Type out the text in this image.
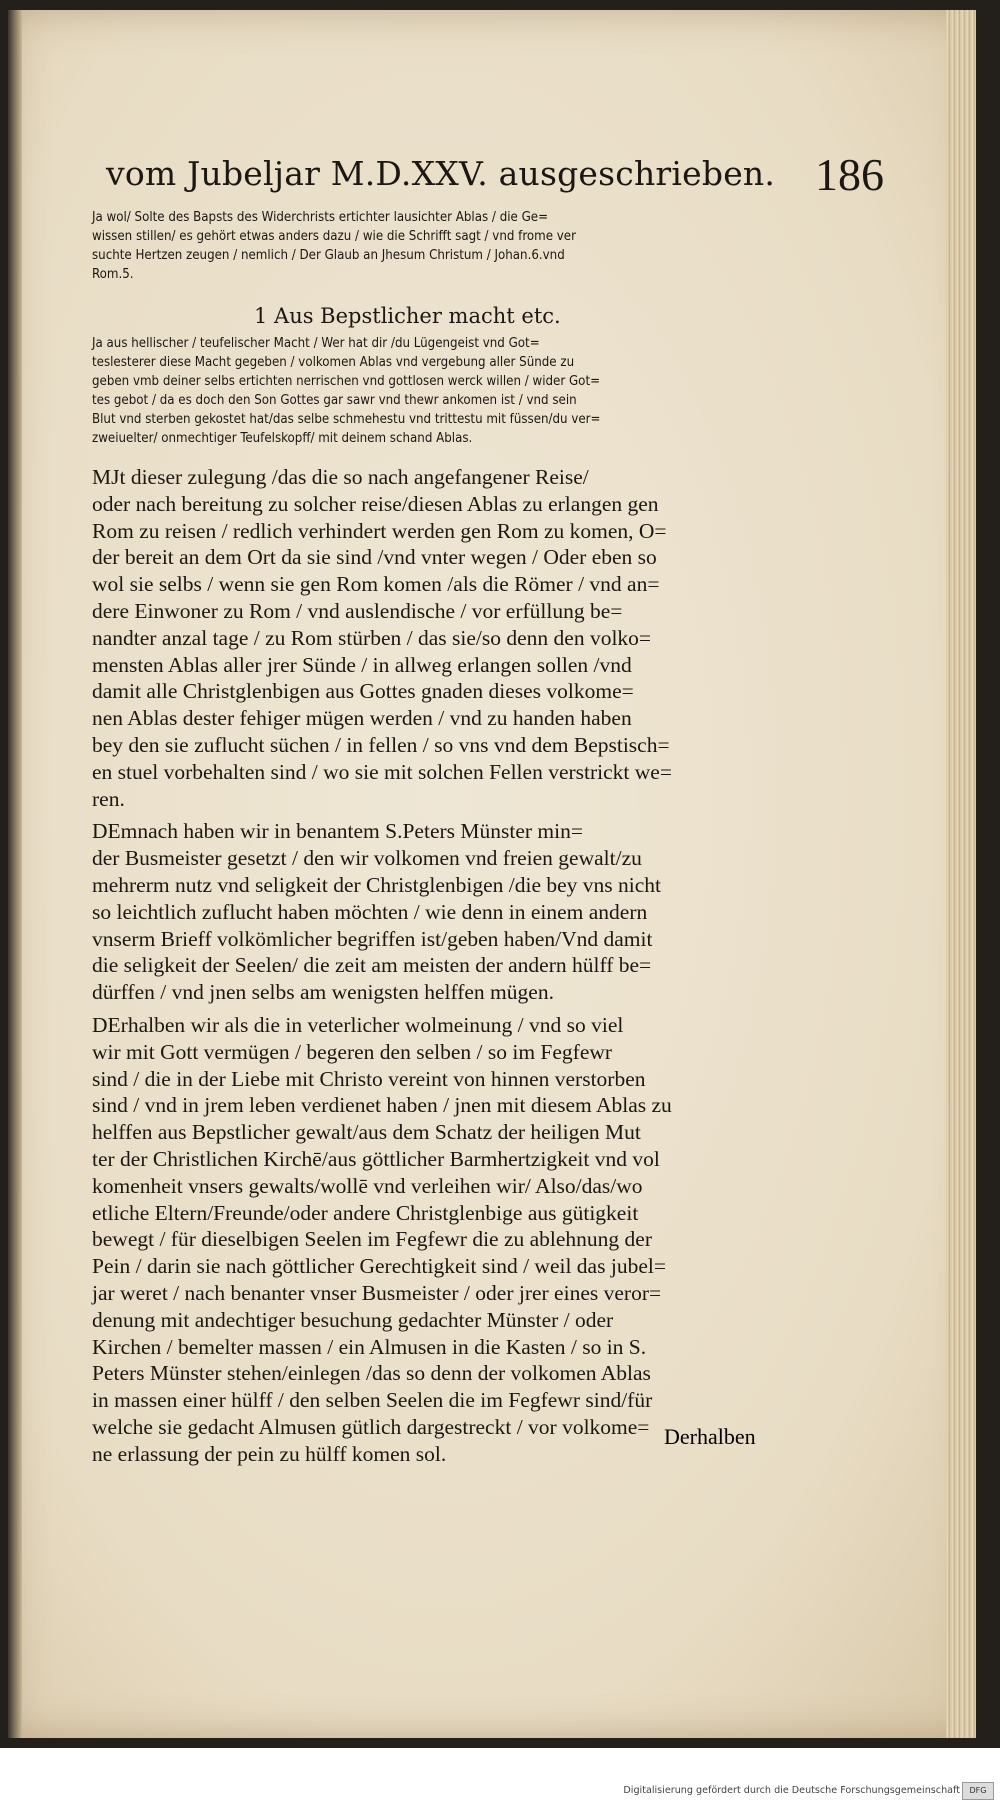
vom Jubeljar M.D.XXV. ausgeschrieben. 186
Ja wol/ Solte des Bapsts des Widerchrists ertichter lausichter Ablas / die Ge=
wissen stillen/ es gehört etwas anders dazu / wie die Schrifft sagt / vnd frome ver
suchte Hertzen zeugen / nemlich / Der Glaub an Jhesum Christum / Johan.6.vnd
Rom.5.
1 Aus Bepstlicher macht etc.
Ja aus hellischer / teufelischer Macht / Wer hat dir /du Lügengeist vnd Got=
teslesterer diese Macht gegeben / volkomen Ablas vnd vergebung aller Sünde zu
geben vmb deiner selbs ertichten nerrischen vnd gottlosen werck willen / wider Got=
tes gebot / da es doch den Son Gottes gar sawr vnd thewr ankomen ist / vnd sein
Blut vnd sterben gekostet hat/das selbe schmehestu vnd trittestu mit füssen/du ver=
zweiuelter/ onmechtiger Teufelskopff/ mit deinem schand Ablas.
MJt dieser zulegung /das die so nach angefangener Reise/
oder nach bereitung zu solcher reise/diesen Ablas zu erlangen gen
Rom zu reisen / redlich verhindert werden gen Rom zu komen, O=
der bereit an dem Ort da sie sind /vnd vnter wegen / Oder eben so
wol sie selbs / wenn sie gen Rom komen /als die Römer / vnd an=
dere Einwoner zu Rom / vnd auslendische / vor erfüllung be=
nandter anzal tage / zu Rom stürben / das sie/so denn den volko=
mensten Ablas aller jrer Sünde / in allweg erlangen sollen /vnd
damit alle Christglenbigen aus Gottes gnaden dieses volkome=
nen Ablas dester fehiger mügen werden / vnd zu handen haben
bey den sie zuflucht süchen / in fellen / so vns vnd dem Bepstisch=
en stuel vorbehalten sind / wo sie mit solchen Fellen verstrickt we=
ren.
DEmnach haben wir in benantem S.Peters Münster min=
der Busmeister gesetzt / den wir volkomen vnd freien gewalt/zu
mehrerm nutz vnd seligkeit der Christglenbigen /die bey vns nicht
so leichtlich zuflucht haben möchten / wie denn in einem andern
vnserm Brieff volkömlicher begriffen ist/geben haben/Vnd damit
die seligkeit der Seelen/ die zeit am meisten der andern hülff be=
dürffen / vnd jnen selbs am wenigsten helffen mügen.
DErhalben wir als die in veterlicher wolmeinung / vnd so viel
wir mit Gott vermügen / begeren den selben / so im Fegfewr
sind / die in der Liebe mit Christo vereint von hinnen verstorben
sind / vnd in jrem leben verdienet haben / jnen mit diesem Ablas zu
helffen aus Bepstlicher gewalt/aus dem Schatz der heiligen Mut
ter der Christlichen Kirchē/aus göttlicher Barmhertzigkeit vnd vol
komenheit vnsers gewalts/wollē vnd verleihen wir/ Also/das/wo
etliche Eltern/Freunde/oder andere Christglenbige aus gütigkeit
bewegt / für dieselbigen Seelen im Fegfewr die zu ablehnung der
Pein / darin sie nach göttlicher Gerechtigkeit sind / weil das jubel=
jar weret / nach benanter vnser Busmeister / oder jrer eines veror=
denung mit andechtiger besuchung gedachter Münster / oder
Kirchen / bemelter massen / ein Almusen in die Kasten / so in S.
Peters Münster stehen/einlegen /das so denn der volkomen Ablas
in massen einer hülff / den selben Seelen die im Fegfewr sind/für
welche sie gedacht Almusen gütlich dargestreckt / vor volkome=
ne erlassung der pein zu hülff komen sol.
Derhalben
Digitalisierung gefördert durch die Deutsche Forschungsgemeinschaft	DFG
